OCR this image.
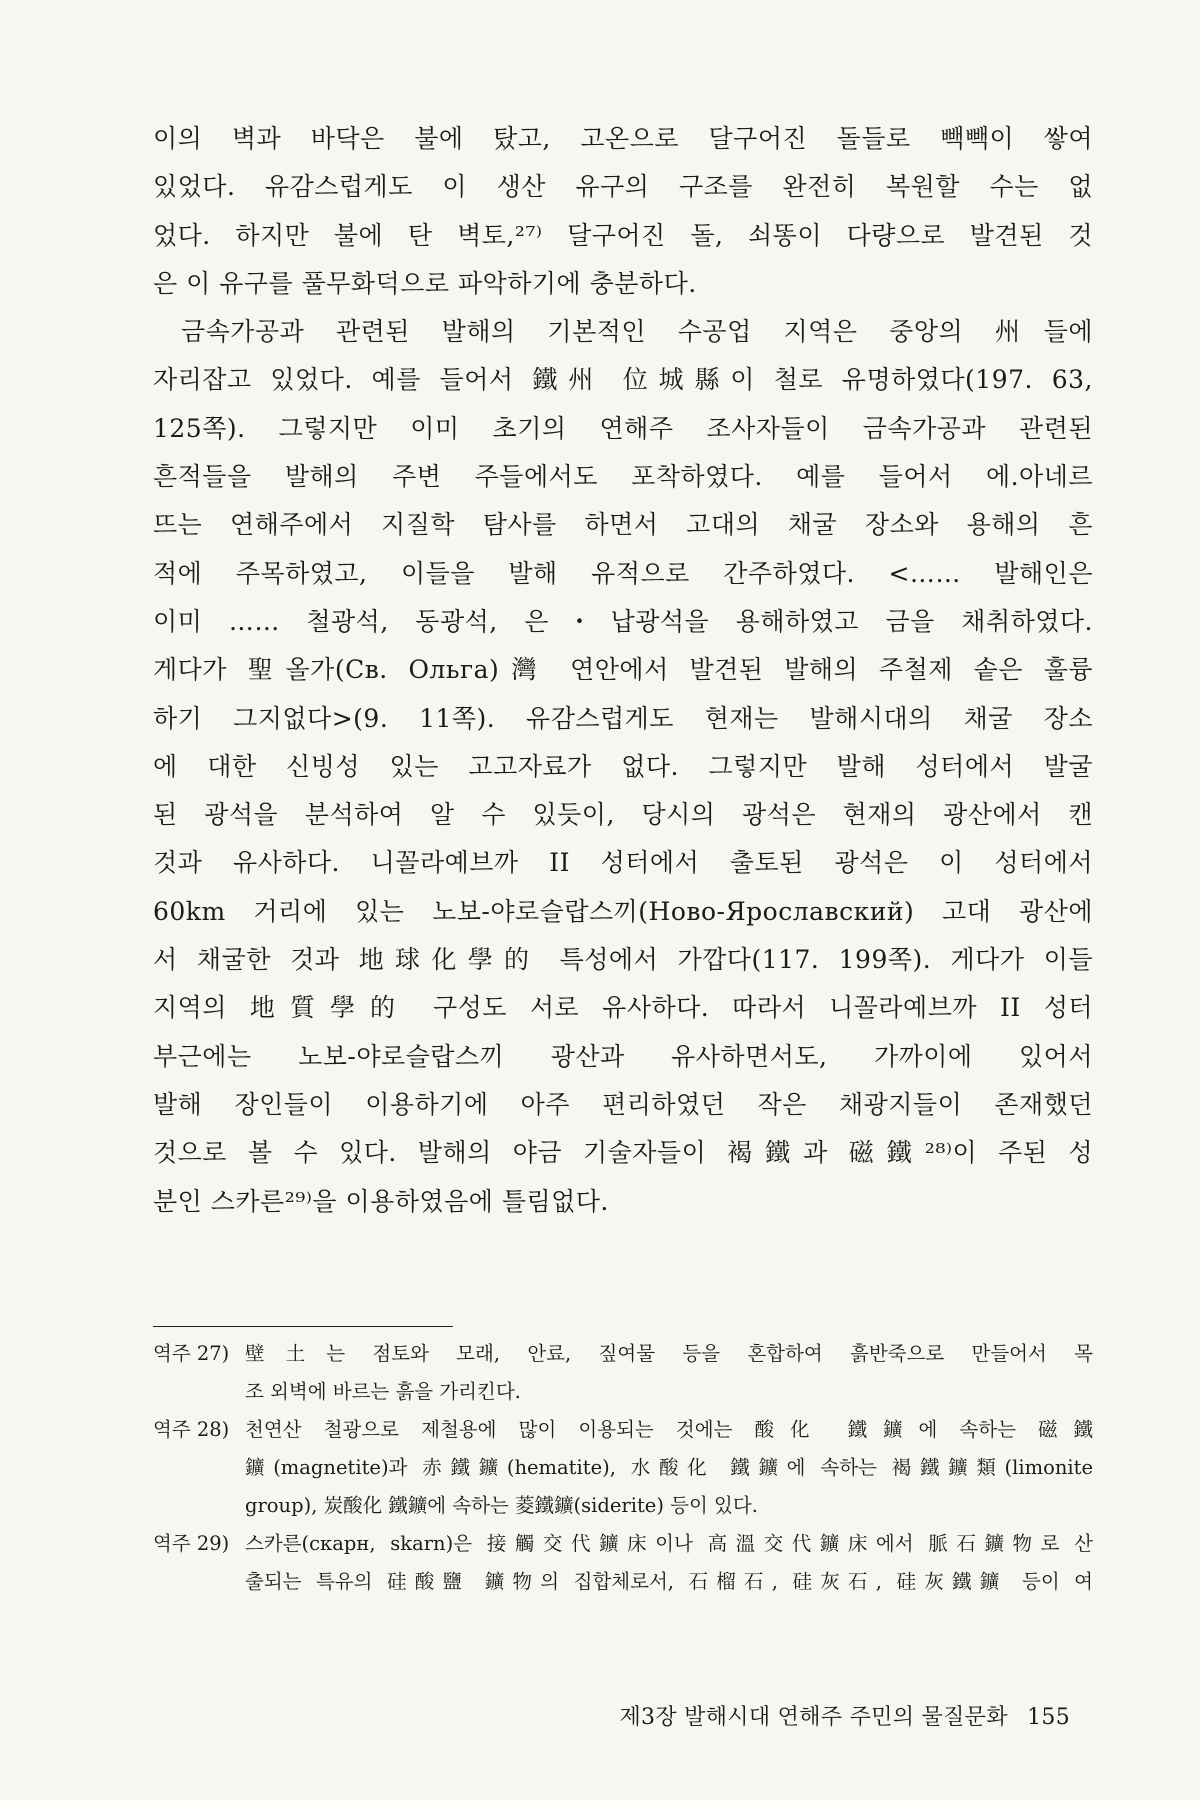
이의 벽과 바닥은 불에 탔고, 고온으로 달구어진 돌들로 빽빽이 쌓여
있었다. 유감스럽게도 이 생산 유구의 구조를 완전히 복원할 수는 없
었다. 하지만 불에 탄 벽토,²⁷⁾ 달구어진 돌, 쇠똥이 다량으로 발견된 것
은 이 유구를 풀무화덕으로 파악하기에 충분하다.
금속가공과 관련된 발해의 기본적인 수공업 지역은 중앙의 州들에
자리잡고 있었다. 예를 들어서 鐵州 位城縣이 철로 유명하였다(197. 63,
125쪽). 그렇지만 이미 초기의 연해주 조사자들이 금속가공과 관련된
흔적들을 발해의 주변 주들에서도 포착하였다. 예를 들어서 에.아네르
뜨는 연해주에서 지질학 탐사를 하면서 고대의 채굴 장소와 용해의 흔
적에 주목하였고, 이들을 발해 유적으로 간주하였다. <…… 발해인은
이미 …… 철광석, 동광석, 은・납광석을 용해하였고 금을 채취하였다.
게다가 聖올가(Св. Ольга)灣 연안에서 발견된 발해의 주철제 솥은 훌륭
하기 그지없다>(9. 11쪽). 유감스럽게도 현재는 발해시대의 채굴 장소
에 대한 신빙성 있는 고고자료가 없다. 그렇지만 발해 성터에서 발굴
된 광석을 분석하여 알 수 있듯이, 당시의 광석은 현재의 광산에서 캔
것과 유사하다. 니꼴라예브까 II 성터에서 출토된 광석은 이 성터에서
60km 거리에 있는 노보-야로슬랍스끼(Ново-Ярославский) 고대 광산에
서 채굴한 것과 地球化學的 특성에서 가깝다(117. 199쪽). 게다가 이들
지역의 地質學的 구성도 서로 유사하다. 따라서 니꼴라예브까 II 성터
부근에는 노보-야로슬랍스끼 광산과 유사하면서도, 가까이에 있어서
발해 장인들이 이용하기에 아주 편리하였던 작은 채광지들이 존재했던
것으로 볼 수 있다. 발해의 야금 기술자들이 褐鐵과 磁鐵²⁸⁾이 주된 성
분인 스카른²⁹⁾을 이용하였음에 틀림없다.
역주 27) 壁土는 점토와 모래, 안료, 짚여물 등을 혼합하여 흙반죽으로 만들어서 목
조 외벽에 바르는 흙을 가리킨다.
역주 28) 천연산 철광으로 제철용에 많이 이용되는 것에는 酸化 鐵鑛에 속하는 磁鐵
鑛(magnetite)과 赤鐵鑛(hematite), 水酸化 鐵鑛에 속하는 褐鐵鑛類(limonite
group), 炭酸化 鐵鑛에 속하는 菱鐵鑛(siderite) 등이 있다.
역주 29) 스카른(скарн, skarn)은 接觸交代鑛床이나 高溫交代鑛床에서 脈石鑛物로 산
출되는 특유의 硅酸鹽 鑛物의 집합체로서, 石榴石, 硅灰石, 硅灰鐵鑛 등이 여
제3장 발해시대 연해주 주민의 물질문화 155
